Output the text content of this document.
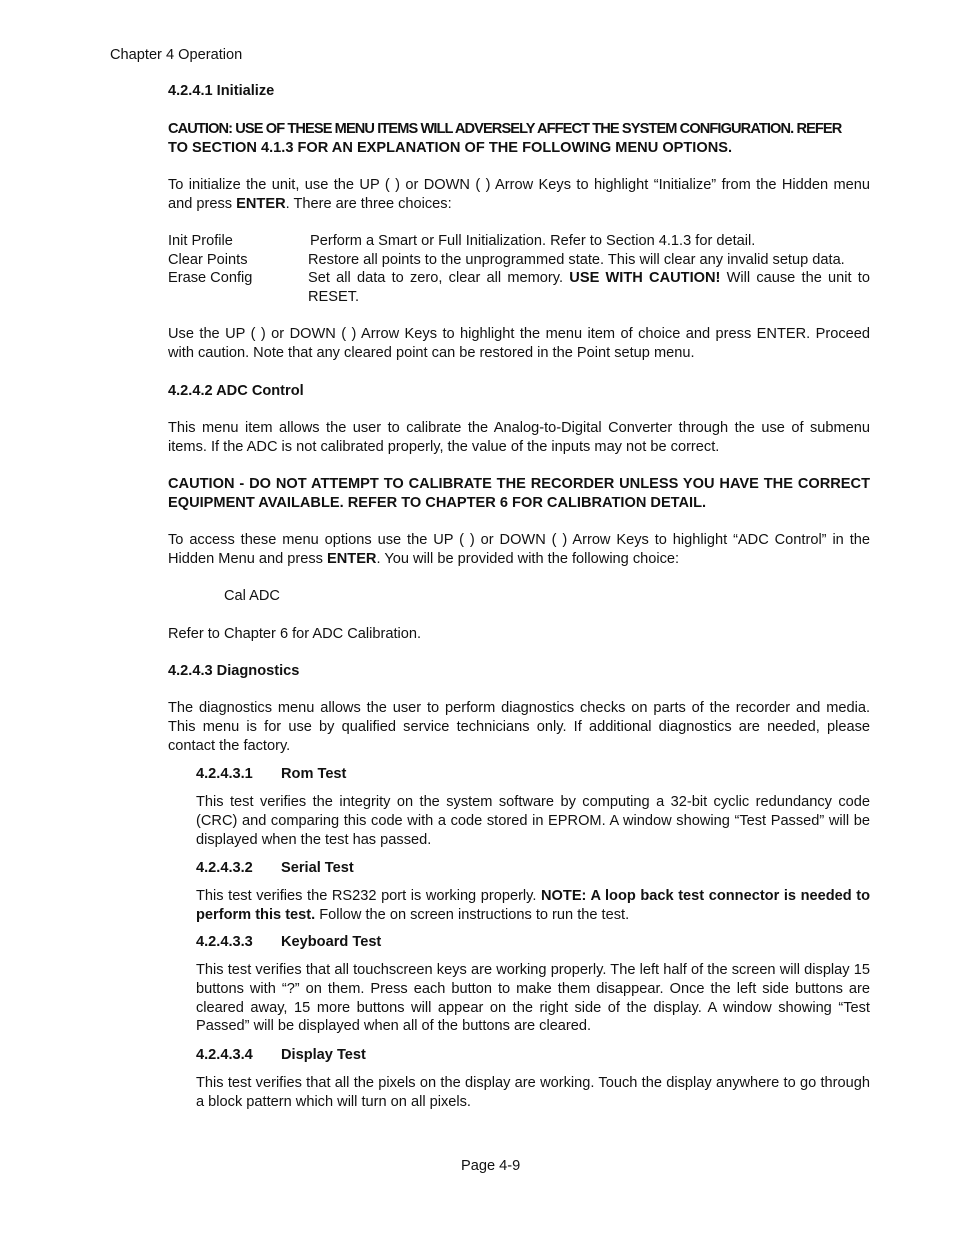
Chapter 4 Operation

4.2.4.1 Initialize

CAUTION: USE OF THESE MENU ITEMS WILL ADVERSELY AFFECT THE SYSTEM CONFIGURATION. REFER
TO SECTION 4.1.3 FOR AN EXPLANATION OF THE FOLLOWING MENU OPTIONS.

To initialize the unit, use the UP ( ) or DOWN ( ) Arrow Keys to highlight “Initialize” from the Hidden menu and press ENTER. There are three choices:

Init Profile	Perform a Smart or Full Initialization. Refer to Section 4.1.3 for detail.
Clear Points	Restore all points to the unprogrammed state. This will clear any invalid setup data.
Erase Config	Set all data to zero, clear all memory. USE WITH CAUTION! Will cause the unit to RESET.

Use the UP ( ) or DOWN ( ) Arrow Keys to highlight the menu item of choice and press ENTER. Proceed with caution. Note that any cleared point can be restored in the Point setup menu.

4.2.4.2 ADC Control

This menu item allows the user to calibrate the Analog-to-Digital Converter through the use of submenu items. If the ADC is not calibrated properly, the value of the inputs may not be correct.

CAUTION - DO NOT ATTEMPT TO CALIBRATE THE RECORDER UNLESS YOU HAVE THE CORRECT EQUIPMENT AVAILABLE. REFER TO CHAPTER 6 FOR CALIBRATION DETAIL.

To access these menu options use the UP ( ) or DOWN ( ) Arrow Keys to highlight “ADC Control” in the Hidden Menu and press ENTER. You will be provided with the following choice:

Cal ADC

Refer to Chapter 6 for ADC Calibration.

4.2.4.3 Diagnostics

The diagnostics menu allows the user to perform diagnostics checks on parts of the recorder and media. This menu is for use by qualified service technicians only. If additional diagnostics are needed, please contact the factory.

4.2.4.3.1 Rom Test

This test verifies the integrity on the system software by computing a 32-bit cyclic redundancy code (CRC) and comparing this code with a code stored in EPROM. A window showing “Test Passed” will be displayed when the test has passed.

4.2.4.3.2 Serial Test

This test verifies the RS232 port is working properly. NOTE: A loop back test connector is needed to perform this test. Follow the on screen instructions to run the test.

4.2.4.3.3 Keyboard Test

This test verifies that all touchscreen keys are working properly. The left half of the screen will display 15 buttons with “?” on them. Press each button to make them disappear. Once the left side buttons are cleared away, 15 more buttons will appear on the right side of the display. A window showing “Test Passed” will be displayed when all of the buttons are cleared.

4.2.4.3.4 Display Test

This test verifies that all the pixels on the display are working. Touch the display anywhere to go through a block pattern which will turn on all pixels.

Page 4-9
